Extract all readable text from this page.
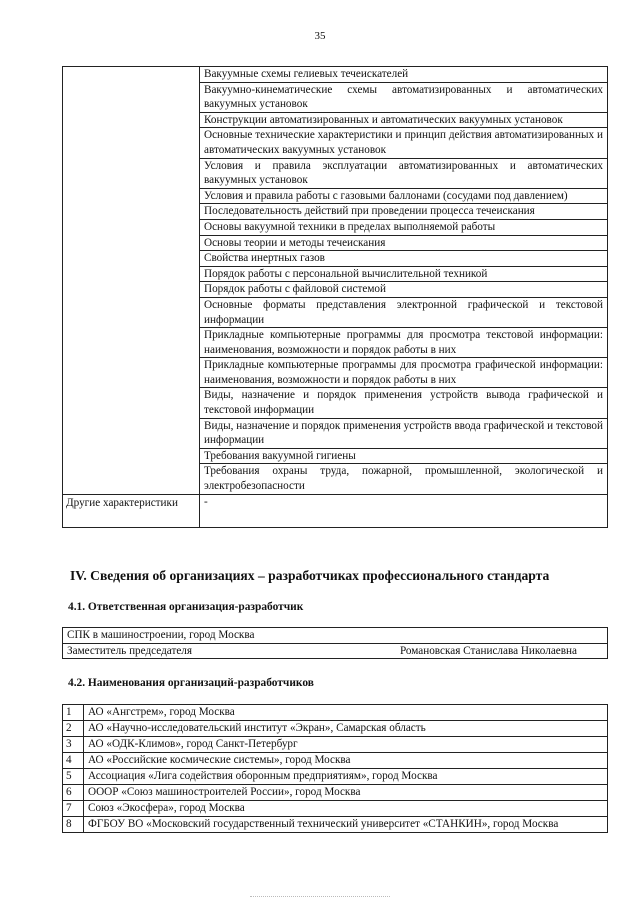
35
	Вакуумные схемы гелиевых течеискателей
	Вакуумно-кинематические схемы автоматизированных и автоматических вакуумных установок
	Конструкции автоматизированных и автоматических вакуумных установок
	Основные технические характеристики и принцип действия автоматизированных и автоматических вакуумных установок
	Условия и правила эксплуатации автоматизированных и автоматических вакуумных установок
	Условия и правила работы с газовыми баллонами (сосудами под давлением)
	Последовательность действий при проведении процесса течеискания
	Основы вакуумной техники в пределах выполняемой работы
	Основы теории и методы течеискания
	Свойства инертных газов
	Порядок работы с персональной вычислительной техникой
	Порядок работы с файловой системой
	Основные форматы представления электронной графической и текстовой информации
	Прикладные компьютерные программы для просмотра текстовой информации: наименования, возможности и порядок работы в них
	Прикладные компьютерные программы для просмотра графической информации: наименования, возможности и порядок работы в них
	Виды, назначение и порядок применения устройств вывода графической и текстовой информации
	Виды, назначение и порядок применения устройств ввода графической и текстовой информации
	Требования вакуумной гигиены
	Требования охраны труда, пожарной, промышленной, экологической и электробезопасности
Другие характеристики	-
IV. Сведения об организациях – разработчиках профессионального стандарта
4.1. Ответственная организация-разработчик
СПК в машиностроении, город Москва
Заместитель председателя	Романовская Станислава Николаевна
4.2. Наименования организаций-разработчиков
1	АО «Ангстрем», город Москва
2	АО «Научно-исследовательский институт «Экран», Самарская область
3	АО «ОДК-Климов», город Санкт-Петербург
4	АО «Российские космические системы», город Москва
5	Ассоциация «Лига содействия оборонным предприятиям», город Москва
6	ОООР «Союз машиностроителей России», город Москва
7	Союз «Экосфера», город Москва
8	ФГБОУ ВО «Московский государственный технический университет «СТАНКИН», город Москва
